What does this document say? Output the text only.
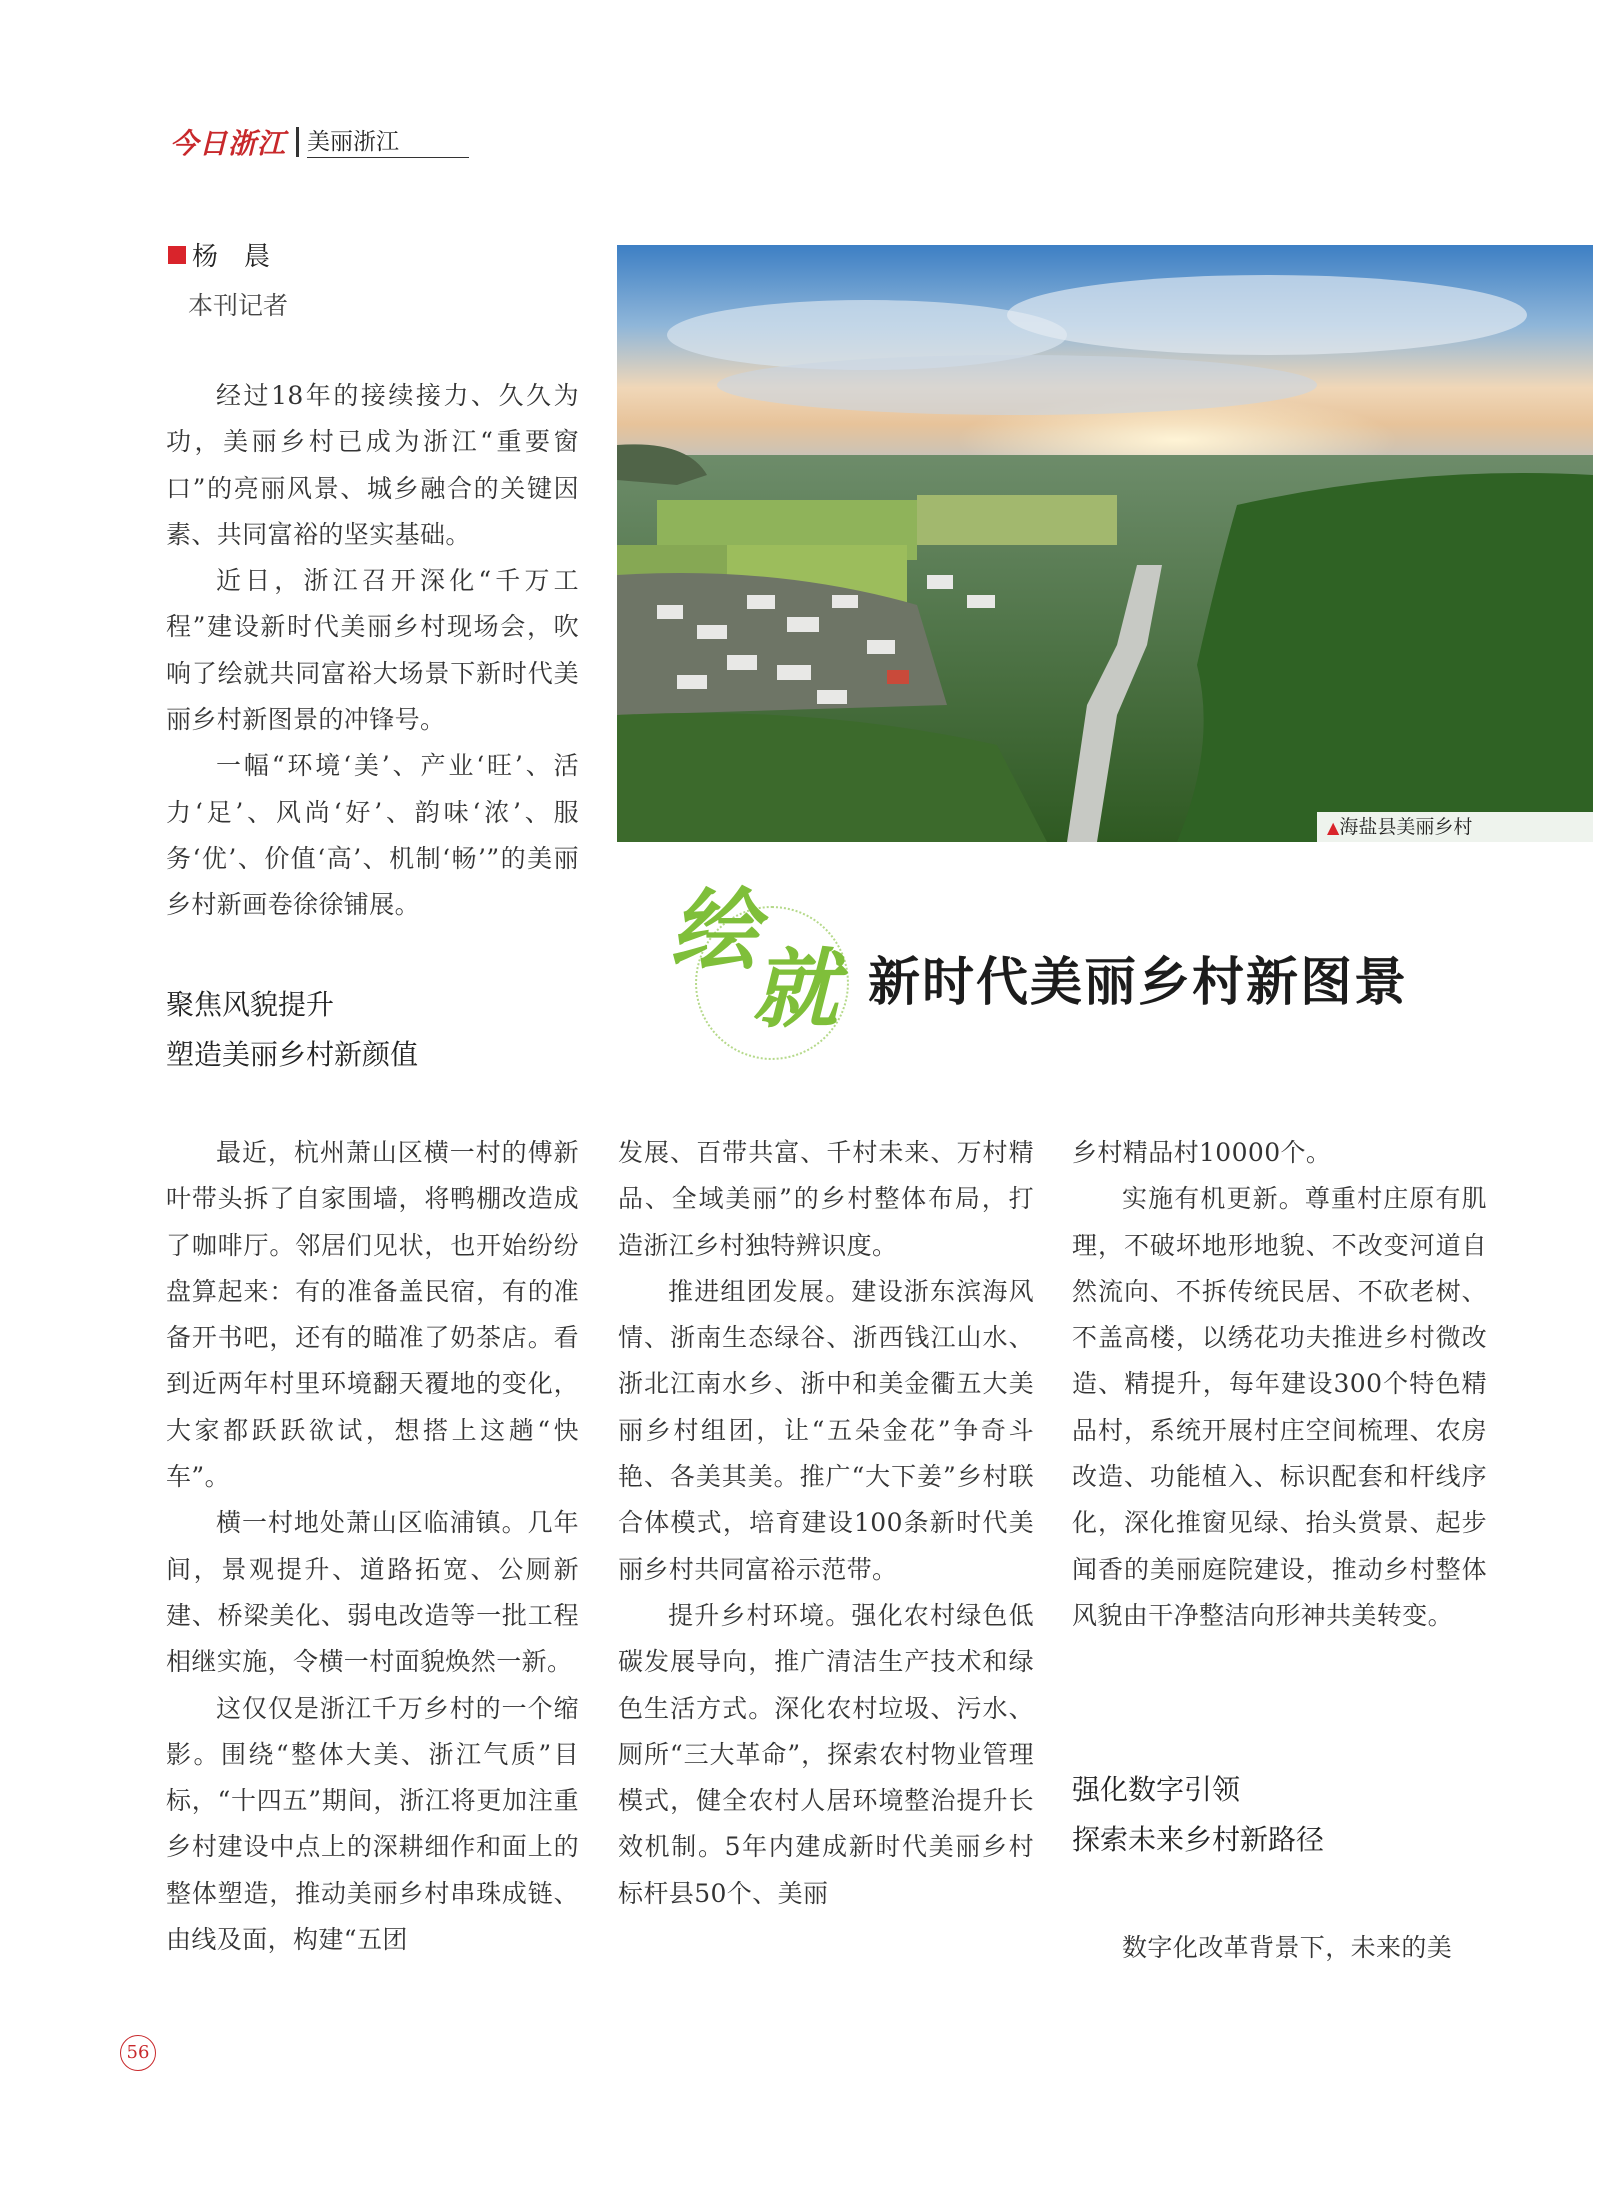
今日浙江 美丽浙江
杨　晨
本刊记者

经过18年的接续接力、久久为功，美丽乡村已成为浙江“重要窗口”的亮丽风景、城乡融合的关键因素、共同富裕的坚实基础。

近日，浙江召开深化“千万工程”建设新时代美丽乡村现场会，吹响了绘就共同富裕大场景下新时代美丽乡村新图景的冲锋号。

一幅“环境‘美’、产业‘旺’、活力‘足’、风尚‘好’、韵味‘浓’、服务‘优’、价值‘高’、机制‘畅’”的美丽乡村新画卷徐徐铺展。

聚焦风貌提升
塑造美丽乡村新颜值
▲海盐县美丽乡村
绘
就 新时代美丽乡村新图景

最近，杭州萧山区横一村的傅新叶带头拆了自家围墙，将鸭棚改造成了咖啡厅。邻居们见状，也开始纷纷盘算起来：有的准备盖民宿，有的准备开书吧，还有的瞄准了奶茶店。看到近两年村里环境翻天覆地的变化，大家都跃跃欲试，想搭上这趟“快车”。

横一村地处萧山区临浦镇。几年间，景观提升、道路拓宽、公厕新建、桥梁美化、弱电改造等一批工程相继实施，令横一村面貌焕然一新。

这仅仅是浙江千万乡村的一个缩影。围绕“整体大美、浙江气质”目标，“十四五”期间，浙江将更加注重乡村建设中点上的深耕细作和面上的整体塑造，推动美丽乡村串珠成链、由线及面，构建“五团

发展、百带共富、千村未来、万村精品、全域美丽”的乡村整体布局，打造浙江乡村独特辨识度。

推进组团发展。建设浙东滨海风情、浙南生态绿谷、浙西钱江山水、浙北江南水乡、浙中和美金衢五大美丽乡村组团，让“五朵金花”争奇斗艳、各美其美。推广“大下姜”乡村联合体模式，培育建设100条新时代美丽乡村共同富裕示范带。

提升乡村环境。强化农村绿色低碳发展导向，推广清洁生产技术和绿色生活方式。深化农村垃圾、污水、厕所“三大革命”，探索农村物业管理模式，健全农村人居环境整治提升长效机制。5年内建成新时代美丽乡村标杆县50个、美丽

乡村精品村10000个。

实施有机更新。尊重村庄原有肌理，不破坏地形地貌、不改变河道自然流向、不拆传统民居、不砍老树、不盖高楼，以绣花功夫推进乡村微改造、精提升，每年建设300个特色精品村，系统开展村庄空间梳理、农房改造、功能植入、标识配套和杆线序化，深化推窗见绿、抬头赏景、起步闻香的美丽庭院建设，推动乡村整体风貌由干净整洁向形神共美转变。

强化数字引领
探索未来乡村新路径

数字化改革背景下，未来的美

56
